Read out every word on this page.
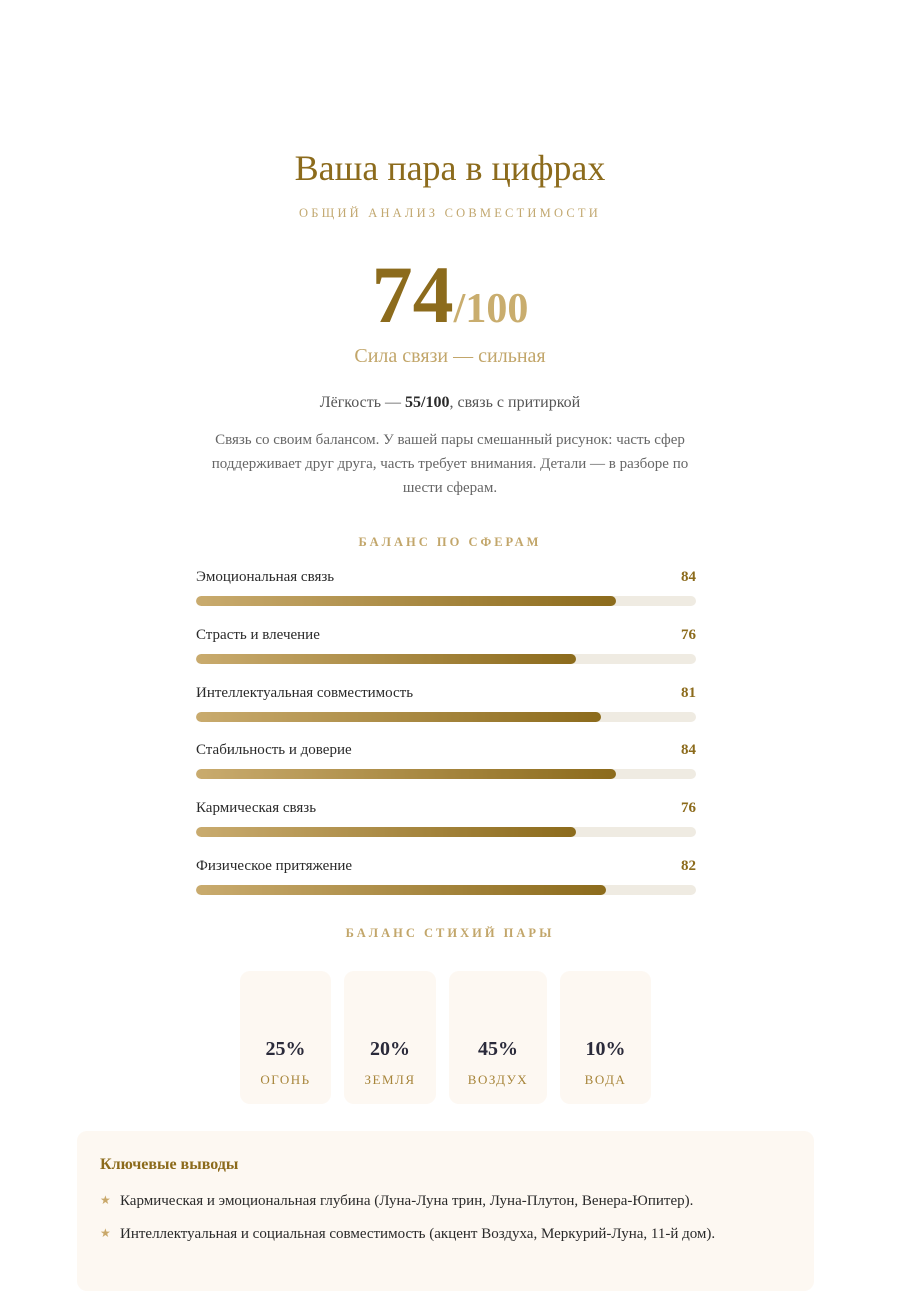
Ваша пара в цифрах
ОБЩИЙ АНАЛИЗ СОВМЕСТИМОСТИ
74/100
Сила связи — сильная
Лёгкость — 55/100, связь с притиркой
Связь со своим балансом. У вашей пары смешанный рисунок: часть сфер поддерживает друг друга, часть требует внимания. Детали — в разборе по шести сферам.
БАЛАНС ПО СФЕРАМ
Эмоциональная связь	84
Страсть и влечение	76
Интеллектуальная совместимость	81
Стабильность и доверие	84
Кармическая связь	76
Физическое притяжение	82
БАЛАНС СТИХИЙ ПАРЫ
25%
ОГОНЬ
20%
ЗЕМЛЯ
45%
ВОЗДУХ
10%
ВОДА
Ключевые выводы
★ Кармическая и эмоциональная глубина (Луна-Луна трин, Луна-Плутон, Венера-Юпитер).
★ Интеллектуальная и социальная совместимость (акцент Воздуха, Меркурий-Луна, 11-й дом).
